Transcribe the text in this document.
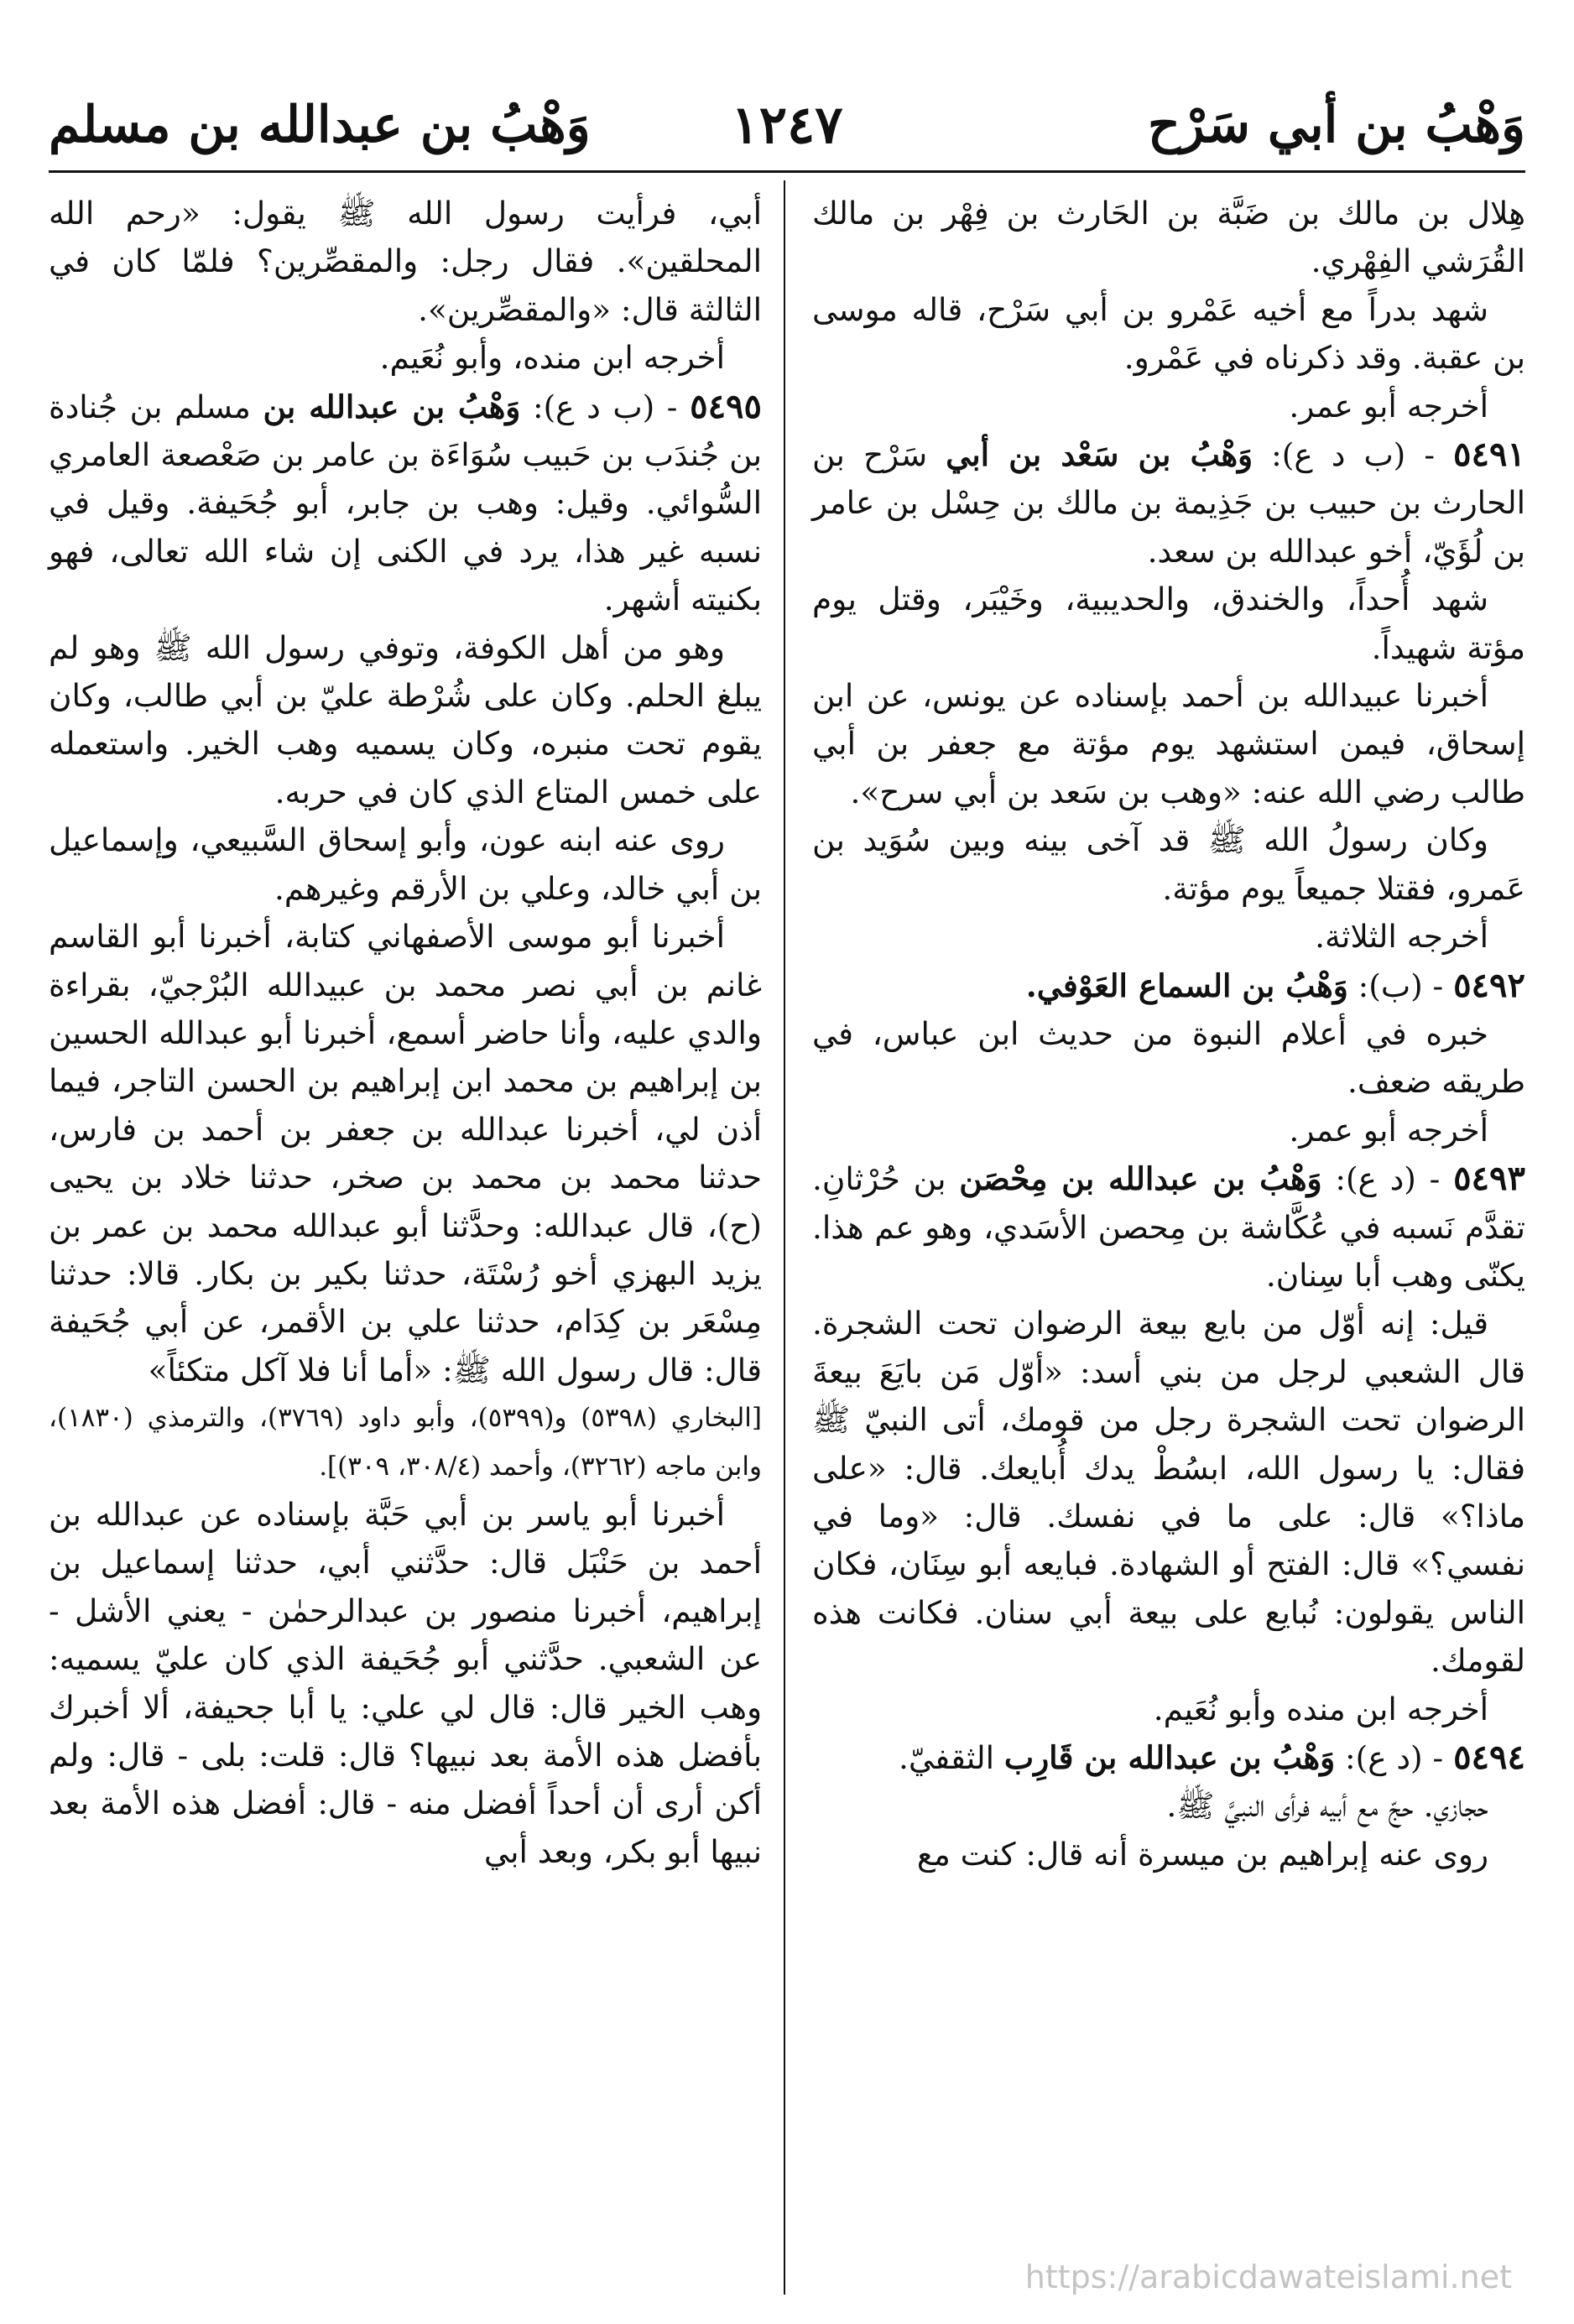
وَهْبُ بن أبي سَرْح
١٢٤٧
وَهْبُ بن عبدالله بن مسلم

هِلال بن مالك بن ضَبَّة بن الحَارث بن فِهْر بن مالك القُرَشي الفِهْري.

شهد بدراً مع أخيه عَمْرو بن أبي سَرْح، قاله موسى بن عقبة. وقد ذكرناه في عَمْرو.

أخرجه أبو عمر.

٥٤٩١ - (ب د ع): وَهْبُ بن سَعْد بن أبي سَرْح بن الحارث بن حبيب بن جَذِيمة بن مالك بن حِسْل بن عامر بن لُؤَيّ، أخو عبدالله بن سعد.

شهد أُحداً، والخندق، والحديبية، وخَيْبَر، وقتل يوم مؤتة شهيداً.

أخبرنا عبيدالله بن أحمد بإسناده عن يونس، عن ابن إسحاق، فيمن استشهد يوم مؤتة مع جعفر بن أبي طالب رضي الله عنه: «وهب بن سَعد بن أبي سرح».

وكان رسولُ الله ﷺ قد آخى بينه وبين سُوَيد بن عَمرو، فقتلا جميعاً يوم مؤتة.

أخرجه الثلاثة.

٥٤٩٢ - (ب): وَهْبُ بن السماع العَوْفي.

خبره في أعلام النبوة من حديث ابن عباس، في طريقه ضعف.

أخرجه أبو عمر.

٥٤٩٣ - (د ع): وَهْبُ بن عبدالله بن مِحْصَن بن حُرْثانِ. تقدَّم نَسبه في عُكَّاشة بن مِحصن الأسَدي، وهو عم هذا. يكنّى وهب أبا سِنان.

قيل: إنه أوّل من بايع بيعة الرضوان تحت الشجرة. قال الشعبي لرجل من بني أسد: «أوّل مَن بايَعَ بيعةَ الرضوان تحت الشجرة رجل من قومك، أتى النبيّ ﷺ فقال: يا رسول الله، ابسُطْ يدك أُبايعك. قال: «على ماذا؟» قال: على ما في نفسك. قال: «وما في نفسي؟» قال: الفتح أو الشهادة. فبايعه أبو سِنَان، فكان الناس يقولون: نُبايع على بيعة أبي سنان. فكانت هذه لقومك.

أخرجه ابن منده وأبو نُعَيم.

٥٤٩٤ - (د ع): وَهْبُ بن عبدالله بن قَارِب الثقفيّ.

حجازي. حجّ مع أبيه فرأى النبيَّ ﷺ.

روى عنه إبراهيم بن ميسرة أنه قال: كنت مع

أبي، فرأيت رسول الله ﷺ يقول: «رحم الله المحلقين». فقال رجل: والمقصِّرين؟ فلمّا كان في الثالثة قال: «والمقصِّرين».

أخرجه ابن منده، وأبو نُعَيم.

٥٤٩٥ - (ب د ع): وَهْبُ بن عبدالله بن مسلم بن جُنادة بن جُندَب بن حَبيب سُوَاءَة بن عامر بن صَعْصعة العامري السُّوائي. وقيل: وهب بن جابر، أبو جُحَيفة. وقيل في نسبه غير هذا، يرد في الكنى إن شاء الله تعالى، فهو بكنيته أشهر.

وهو من أهل الكوفة، وتوفي رسول الله ﷺ وهو لم يبلغ الحلم. وكان على شُرْطة عليّ بن أبي طالب، وكان يقوم تحت منبره، وكان يسميه وهب الخير. واستعمله على خمس المتاع الذي كان في حربه.

روى عنه ابنه عون، وأبو إسحاق السَّبيعي، وإسماعيل بن أبي خالد، وعلي بن الأرقم وغيرهم.

أخبرنا أبو موسى الأصفهاني كتابة، أخبرنا أبو القاسم غانم بن أبي نصر محمد بن عبيدالله البُرْجيّ، بقراءة والدي عليه، وأنا حاضر أسمع، أخبرنا أبو عبدالله الحسين بن إبراهيم بن محمد ابن إبراهيم بن الحسن التاجر، فيما أذن لي، أخبرنا عبدالله بن جعفر بن أحمد بن فارس، حدثنا محمد بن محمد بن صخر، حدثنا خلاد بن يحيى (ح)، قال عبدالله: وحدَّثنا أبو عبدالله محمد بن عمر بن يزيد البهزي أخو رُسْتَة، حدثنا بكير بن بكار. قالا: حدثنا مِسْعَر بن كِدَام، حدثنا علي بن الأقمر، عن أبي جُحَيفة قال: قال رسول الله ﷺ: «أما أنا فلا آكل متكئاً»

[البخاري (٥٣٩٨) و(٥٣٩٩)، وأبو داود (٣٧٦٩)، والترمذي (١٨٣٠)، وابن ماجه (٣٢٦٢)، وأحمد (٣٠٨/٤، ٣٠٩)].

أخبرنا أبو ياسر بن أبي حَبَّة بإسناده عن عبدالله بن أحمد بن حَنْبَل قال: حدَّثني أبي، حدثنا إسماعيل بن إبراهيم، أخبرنا منصور بن عبدالرحمٰن - يعني الأشل - عن الشعبي. حدَّثني أبو جُحَيفة الذي كان عليّ يسميه: وهب الخير قال: قال لي علي: يا أبا جحيفة، ألا أخبرك بأفضل هذه الأمة بعد نبيها؟ قال: قلت: بلى - قال: ولم أكن أرى أن أحداً أفضل منه - قال: أفضل هذه الأمة بعد نبيها أبو بكر، وبعد أبي

https://arabicdawateislami.net
